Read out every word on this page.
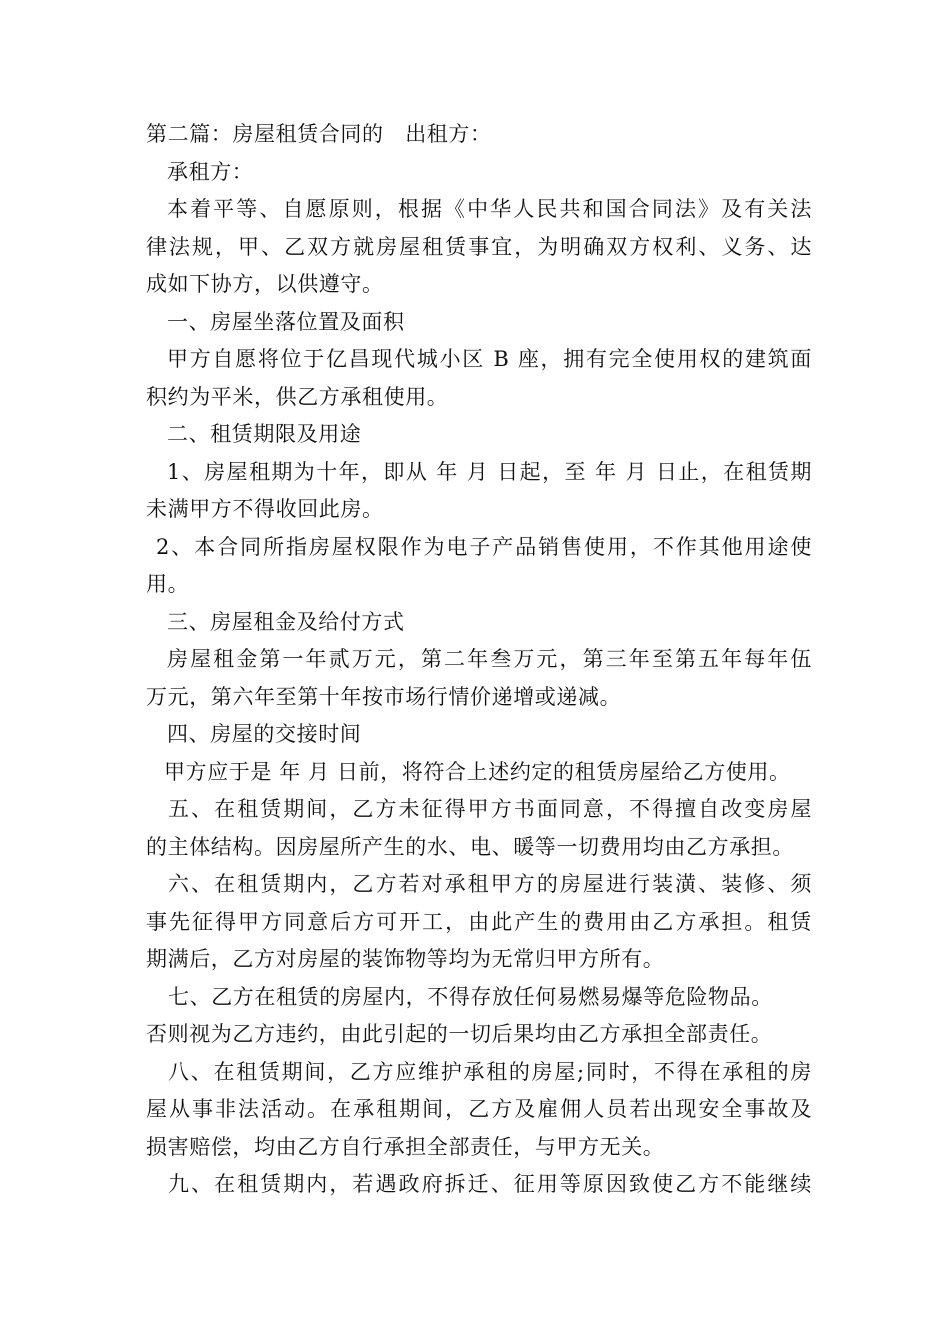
第二篇：房屋租赁合同的　出租方：
承租方：
本着平等、自愿原则，根据《中华人民共和国合同法》及有关法
律法规，甲、乙双方就房屋租赁事宜，为明确双方权利、义务、达
成如下协方，以供遵守。
一、房屋坐落位置及面积
甲方自愿将位于亿昌现代城小区 B 座，拥有完全使用权的建筑面
积约为平米，供乙方承租使用。
二、租赁期限及用途
1、房屋租期为十年，即从 年 月 日起，至 年 月 日止，在租赁期
未满甲方不得收回此房。
2、本合同所指房屋权限作为电子产品销售使用，不作其他用途使
用。
三、房屋租金及给付方式
房屋租金第一年贰万元，第二年叁万元，第三年至第五年每年伍
万元，第六年至第十年按市场行情价递增或递减。
四、房屋的交接时间
甲方应于是 年 月 日前，将符合上述约定的租赁房屋给乙方使用。
五、在租赁期间，乙方未征得甲方书面同意，不得擅自改变房屋
的主体结构。因房屋所产生的水、电、暖等一切费用均由乙方承担。
六、在租赁期内，乙方若对承租甲方的房屋进行装潢、装修、须
事先征得甲方同意后方可开工，由此产生的费用由乙方承担。租赁
期满后，乙方对房屋的装饰物等均为无常归甲方所有。
七、乙方在租赁的房屋内，不得存放任何易燃易爆等危险物品。
否则视为乙方违约，由此引起的一切后果均由乙方承担全部责任。
八、在租赁期间，乙方应维护承租的房屋;同时，不得在承租的房
屋从事非法活动。在承租期间，乙方及雇佣人员若出现安全事故及
损害赔偿，均由乙方自行承担全部责任，与甲方无关。
九、在租赁期内，若遇政府拆迁、征用等原因致使乙方不能继续
